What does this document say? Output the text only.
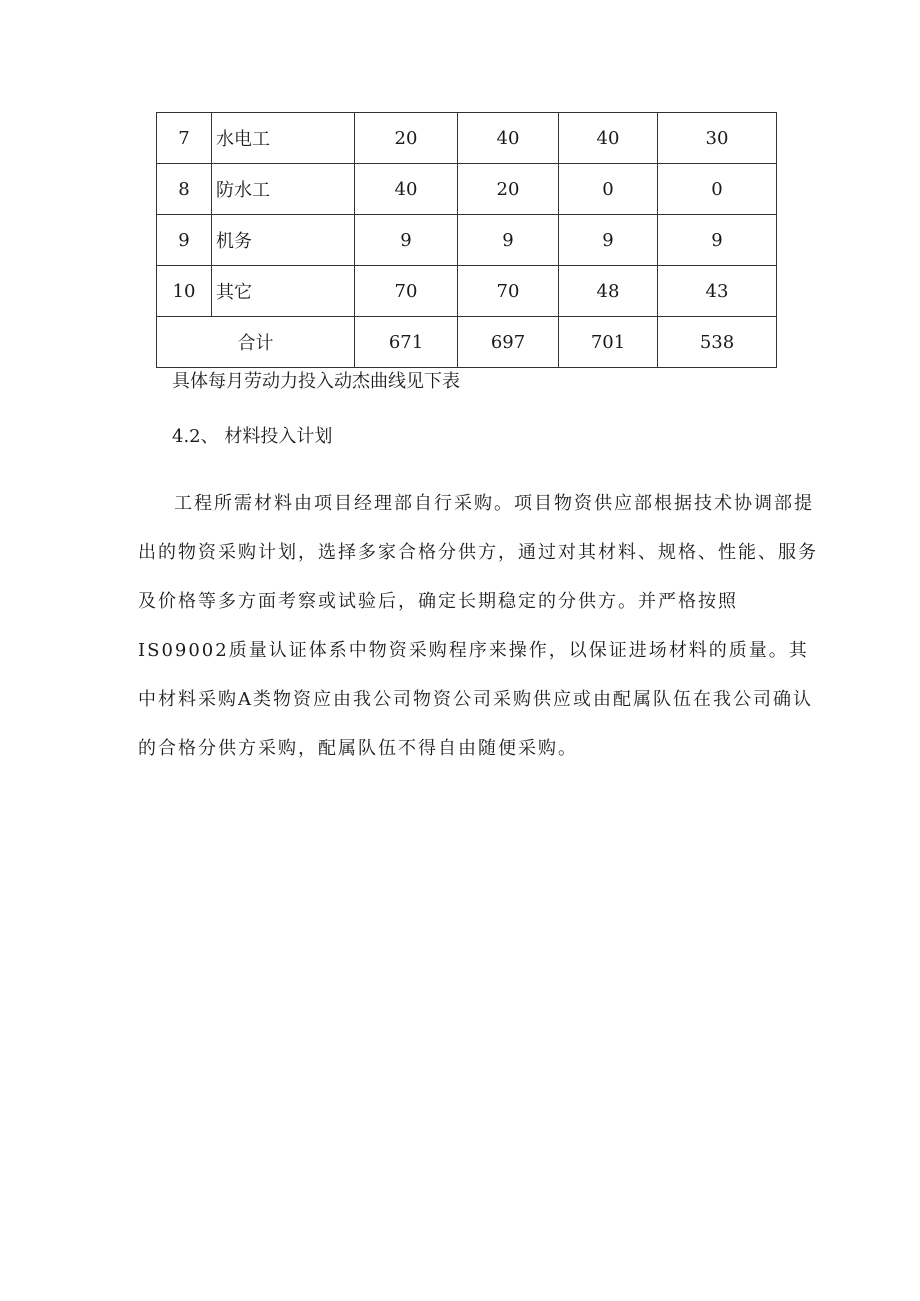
7	水电工	20	40	40	30
8	防水工	40	20	0	0
9	机务	9	9	9	9
10	其它	70	70	48	43
合计		671	697	701	538
具体每月劳动力投入动杰曲线见下表
4.2、 材料投入计划

工程所需材料由项目经理部自行采购。项目物资供应部根据技术协调部提出的物资采购计划，选择多家合格分供方，通过对其材料、规格、性能、服务及价格等多方面考察或试验后，确定长期稳定的分供方。并严格按照IS09002质量认证体系中物资采购程序来操作，以保证进场材料的质量。其中材料采购A类物资应由我公司物资公司采购供应或由配属队伍在我公司确认的合格分供方采购，配属队伍不得自由随便采购。
